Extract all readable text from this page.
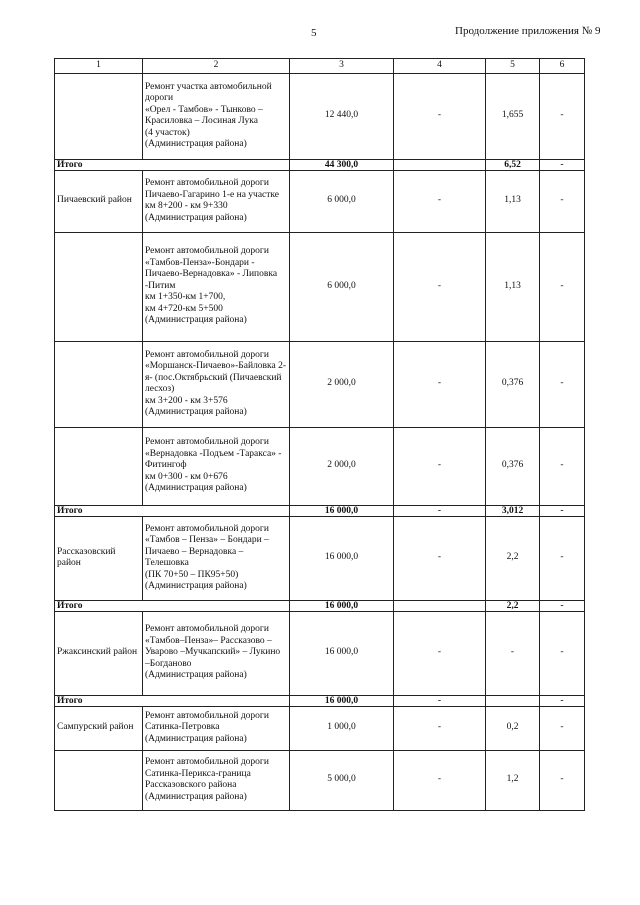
5	Продолжение приложения № 9
1	2	3	4	5	6
	Ремонт участка автомобильной дороги
«Орел - Тамбов» - Тынково – Красиловка – Лосиная Лука
(4 участок)
(Администрация района)	12 440,0	-	1,655	-
Итого		44 300,0		6,52	-
Пичаевский район	Ремонт автомобильной дороги Пичаево-Гагарино 1-е на участке
км 8+200 - км 9+330
(Администрация района)	6 000,0	-	1,13	-
	Ремонт автомобильной дороги «Тамбов-Пенза»-Бондари - Пичаево-Вернадовка» - Липовка -Питим
км 1+350-км 1+700,
км 4+720-км 5+500
(Администрация района)	6 000,0	-	1,13	-
	Ремонт автомобильной дороги «Моршанск-Пичаево»-Байловка 2-я- (пос.Октябрьский (Пичаевский лесхоз)
км 3+200 - км 3+576
(Администрация района)	2 000,0	-	0,376	-
	Ремонт автомобильной дороги «Вернадовка -Подъем -Таракса» - Фитингоф
км 0+300 - км 0+676
(Администрация района)	2 000,0	-	0,376	-
Итого		16 000,0	-	3,012	-
Рассказовский район	Ремонт автомобильной дороги «Тамбов – Пенза» – Бондари – Пичаево – Вернадовка – Телешовка
(ПК 70+50 – ПК95+50)
(Администрация района)	16 000,0	-	2,2	-
Итого		16 000,0		2,2	-
Ржаксинский район	Ремонт автомобильной дороги «Тамбов–Пенза»– Рассказово – Уварово –Мучкапский» – Лукино –Богданово
(Администрация района)	16 000,0	-	-	-
Итого		16 000,0	-		-
Сампурский район	Ремонт автомобильной дороги Сатинка-Петровка
(Администрация района)	1 000,0	-	0,2	-
	Ремонт автомобильной дороги Сатинка-Перикса-граница Рассказовского района
(Администрация района)	5 000,0	-	1,2	-
